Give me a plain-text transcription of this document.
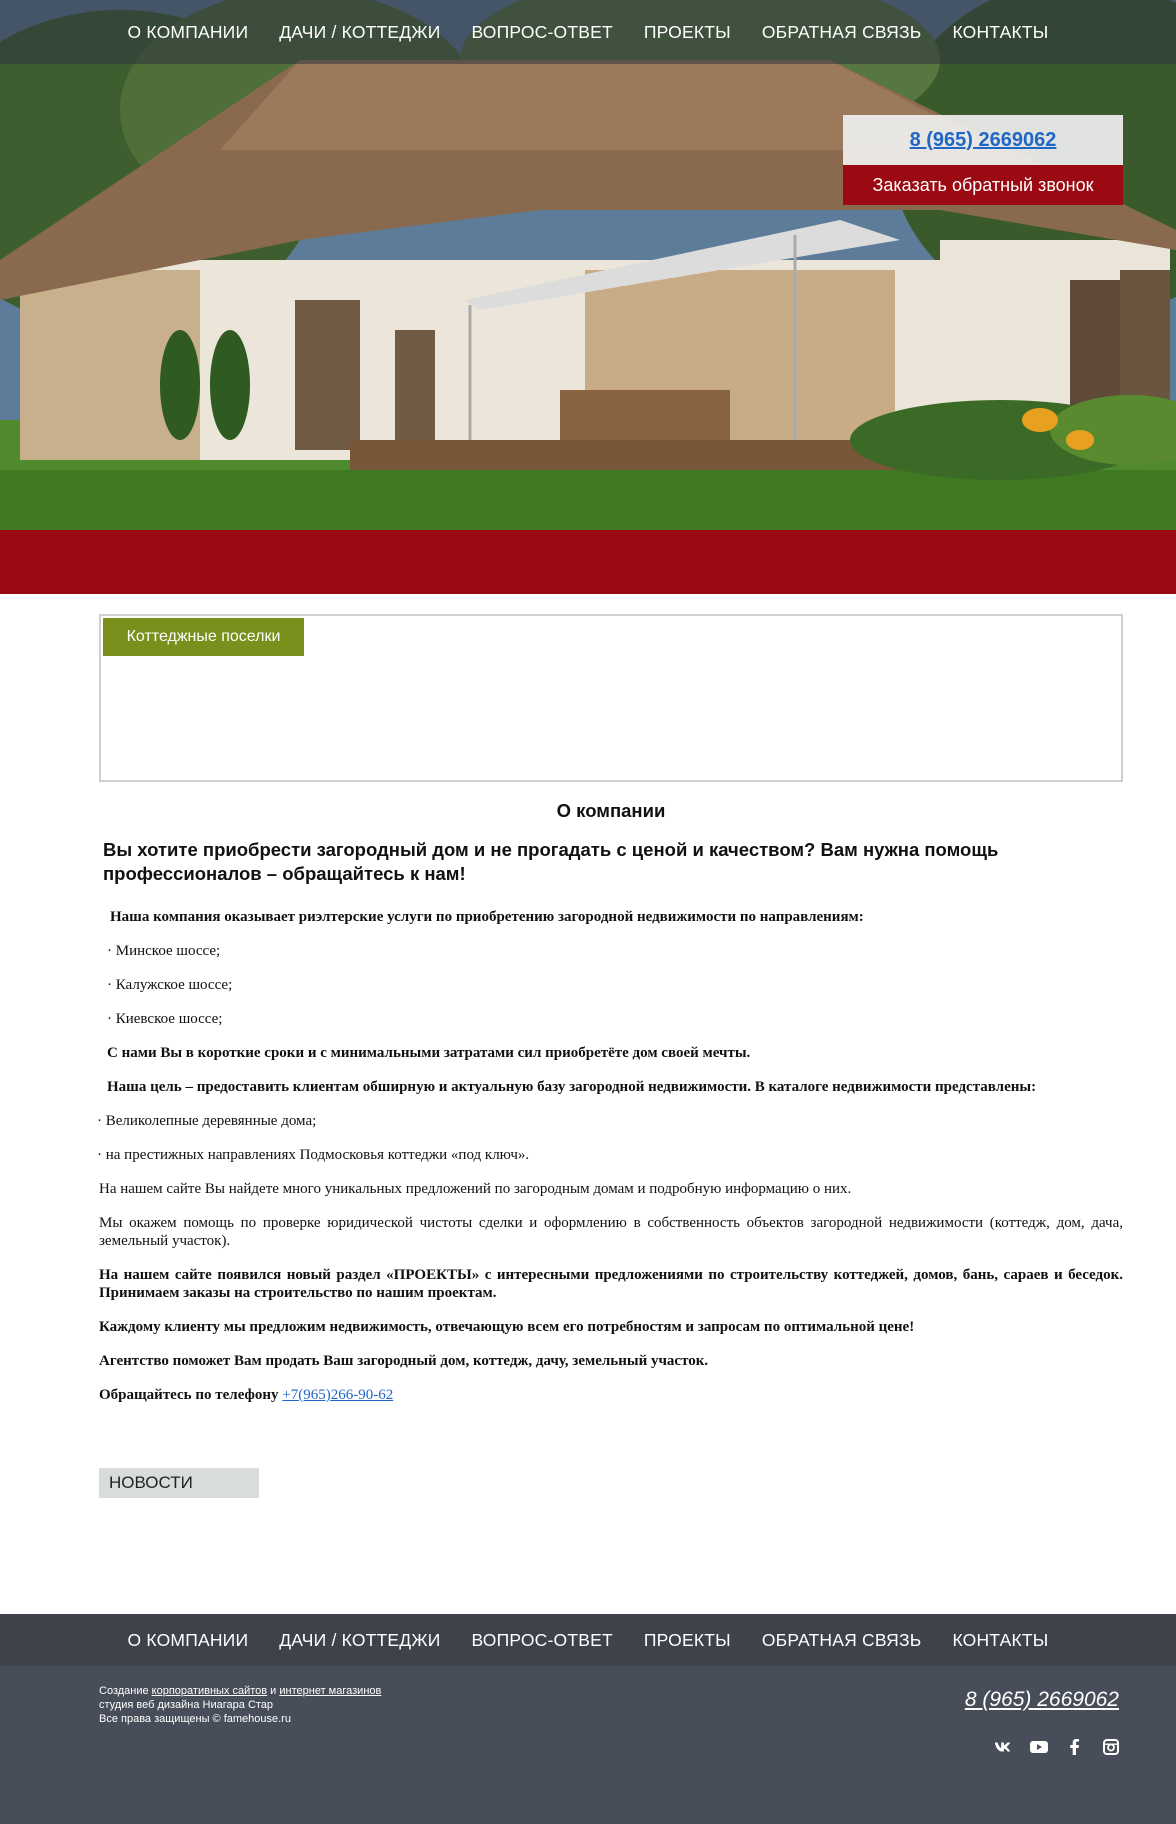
О КОМПАНИИ ДАЧИ / КОТТЕДЖИ ВОПРОС-ОТВЕТ ПРОЕКТЫ ОБРАТНАЯ СВЯЗЬ КОНТАКТЫ
8 (965) 2669062
Заказать обратный звонок
Коттеджные поселки
О компании

Вы хотите приобрести загородный дом и не прогадать с ценой и качеством? Вам нужна помощь профессионалов – обращайтесь к нам!

Наша компания оказывает риэлтерские услуги по приобретению загородной недвижимости по направлениям:

· Минское шоссе;

· Калужское шоссе;

· Киевское шоссе;

С нами Вы в короткие сроки и с минимальными затратами сил приобретёте дом своей мечты.

Наша цель – предоставить клиентам обширную и актуальную базу загородной недвижимости. В каталоге недвижимости представлены:

· Великолепные деревянные дома;

· на престижных направлениях Подмосковья коттеджи «под ключ».

На нашем сайте Вы найдете много уникальных предложений по загородным домам и подробную информацию о них.

Мы окажем помощь по проверке юридической чистоты сделки и оформлению в собственность объектов загородной недвижимости (коттедж, дом, дача, земельный участок).

На нашем сайте появился новый раздел «ПРОЕКТЫ» с интересными предложениями по строительству коттеджей, домов, бань, сараев и беседок. Принимаем заказы на строительство по нашим проектам.

Каждому клиенту мы предложим недвижимость, отвечающую всем его потребностям и запросам по оптимальной цене!

Агентство поможет Вам продать Ваш загородный дом, коттедж, дачу, земельный участок.

Обращайтесь по телефону +7(965)266-90-62

НОВОСТИ
О КОМПАНИИ ДАЧИ / КОТТЕДЖИ ВОПРОС-ОТВЕТ ПРОЕКТЫ ОБРАТНАЯ СВЯЗЬ КОНТАКТЫ
Создание корпоративных сайтов и интернет магазинов
студия веб дизайна Ниагара Стар
Все права защищены © famehouse.ru
8 (965) 2669062
